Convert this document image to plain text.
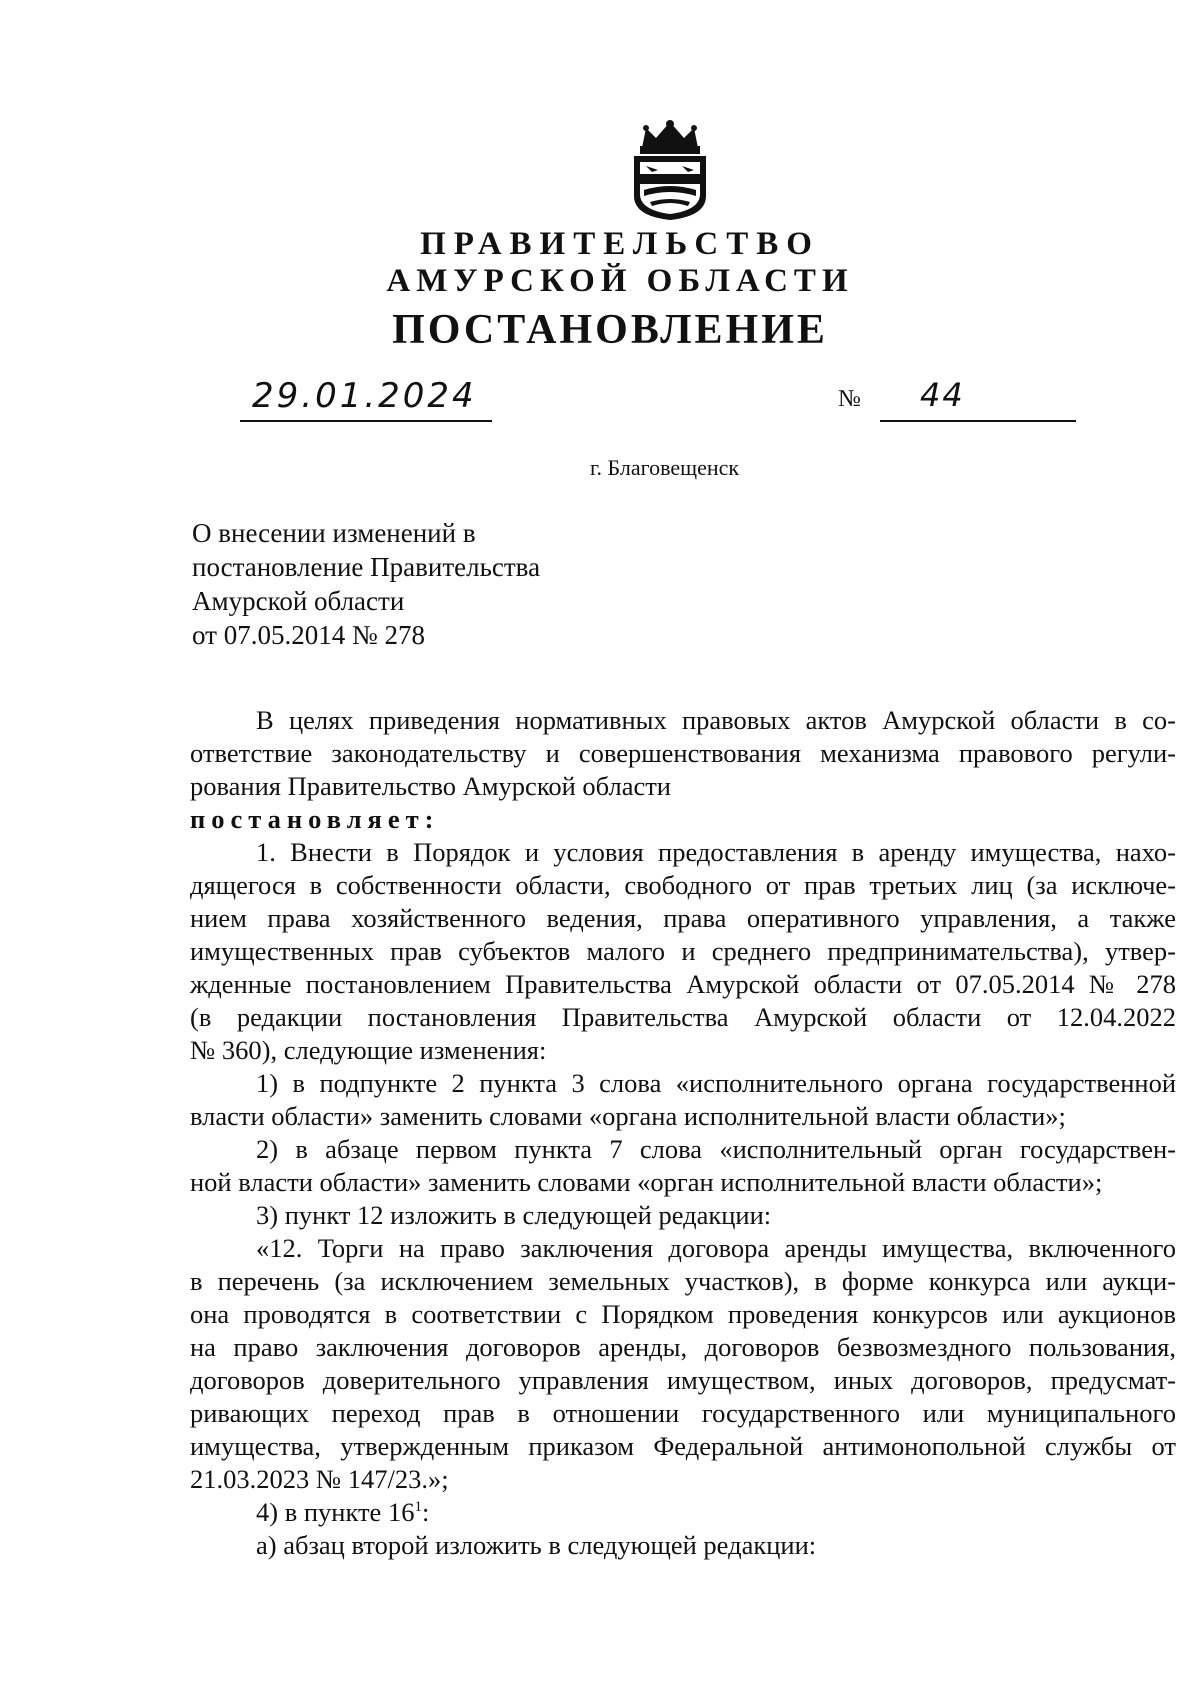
ПРАВИТЕЛЬСТВО
АМУРСКОЙ ОБЛАСТИ
ПОСТАНОВЛЕНИЕ
29.01.2024	№ 44
г. Благовещенск
О внесении изменений в
постановление Правительства
Амурской области
от 07.05.2014 № 278
В целях приведения нормативных правовых актов Амурской области в со-
ответствие законодательству и совершенствования механизма правового регули-
рования Правительство Амурской области
постановляет:
1. Внести в Порядок и условия предоставления в аренду имущества, нахо-
дящегося в собственности области, свободного от прав третьих лиц (за исключе-
нием права хозяйственного ведения, права оперативного управления, а также
имущественных прав субъектов малого и среднего предпринимательства), утвер-
жденные постановлением Правительства Амурской области от 07.05.2014 № 278
(в редакции постановления Правительства Амурской области от 12.04.2022
№ 360), следующие изменения:
1) в подпункте 2 пункта 3 слова «исполнительного органа государственной
власти области» заменить словами «органа исполнительной власти области»;
2) в абзаце первом пункта 7 слова «исполнительный орган государствен-
ной власти области» заменить словами «орган исполнительной власти области»;
3) пункт 12 изложить в следующей редакции:
«12. Торги на право заключения договора аренды имущества, включенного
в перечень (за исключением земельных участков), в форме конкурса или аукци-
она проводятся в соответствии с Порядком проведения конкурсов или аукционов
на право заключения договоров аренды, договоров безвозмездного пользования,
договоров доверительного управления имуществом, иных договоров, предусмат-
ривающих переход прав в отношении государственного или муниципального
имущества, утвержденным приказом Федеральной антимонопольной службы от
21.03.2023 № 147/23.»;
4) в пункте $16^1$:
а) абзац второй изложить в следующей редакции:
